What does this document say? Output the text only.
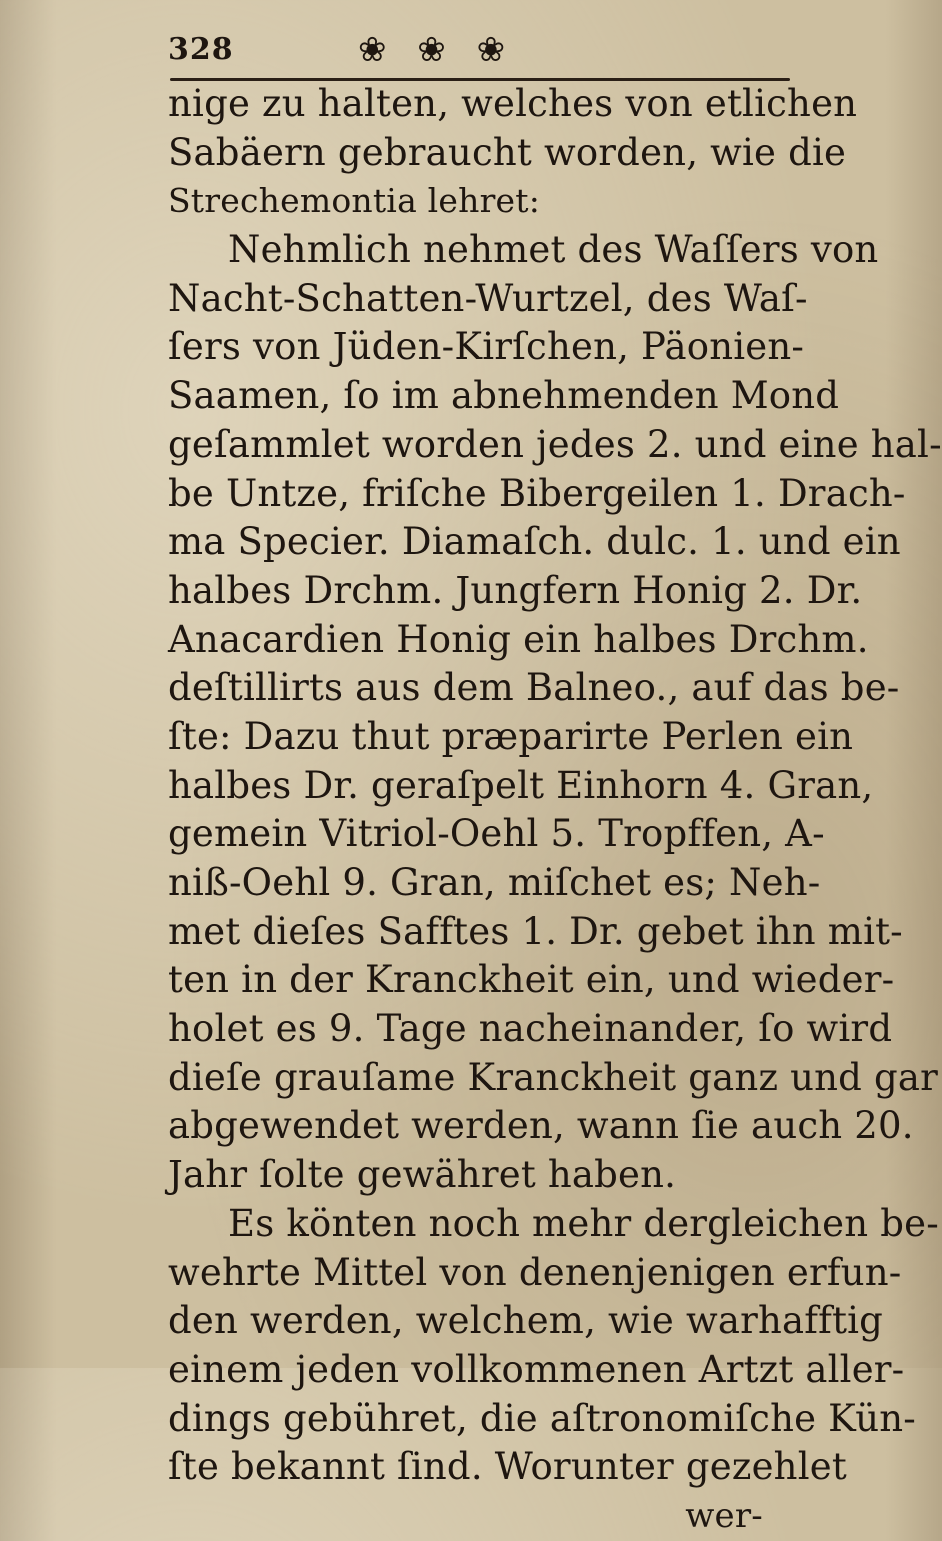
328	❀ ❀ ❀
nige zu halten, welches von etlichen
Sabäern gebraucht worden, wie die
Strechemontia lehret:
Nehmlich nehmet des Waſſers von
Nacht-Schatten-Wurtzel, des Waſ-
ſers von Jüden-Kirſchen, Päonien-
Saamen, ſo im abnehmenden Mond
geſammlet worden jedes 2. und eine hal-
be Untze, friſche Bibergeilen 1. Drach-
ma Specier. Diamaſch. dulc. 1. und ein
halbes Drchm. Jungfern Honig 2. Dr.
Anacardien Honig ein halbes Drchm.
deſtillirts aus dem Balneo., auf das be-
ſte: Dazu thut præparirte Perlen ein
halbes Dr. geraſpelt Einhorn 4. Gran,
gemein Vitriol-Oehl 5. Tropffen, A-
niß-Oehl 9. Gran, miſchet es; Neh-
met dieſes Safftes 1. Dr. gebet ihn mit-
ten in der Kranckheit ein, und wieder-
holet es 9. Tage nacheinander, ſo wird
dieſe grauſame Kranckheit ganz und gar
abgewendet werden, wann ſie auch 20.
Jahr ſolte gewähret haben.
Es könten noch mehr dergleichen be-
wehrte Mittel von denenjenigen erfun-
den werden, welchem, wie warhafftig
einem jeden vollkommenen Artzt aller-
dings gebühret, die aſtronomiſche Kün-
ſte bekannt ſind. Worunter gezehlet
wer-
